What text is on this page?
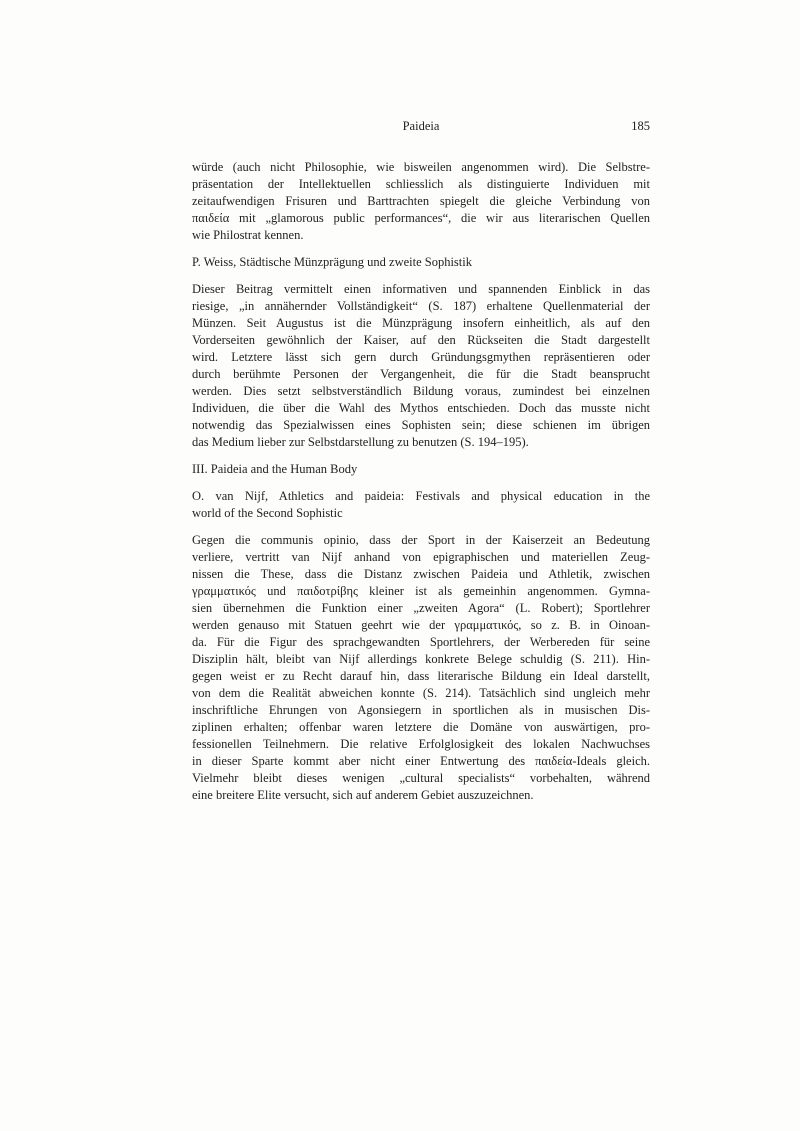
Paideia	185
würde (auch nicht Philosophie, wie bisweilen angenommen wird). Die Selbstre-
präsentation der Intellektuellen schliesslich als distinguierte Individuen mit
zeitaufwendigen Frisuren und Barttrachten spiegelt die gleiche Verbindung von
παιδεία mit „glamorous public performances“, die wir aus literarischen Quellen
wie Philostrat kennen.
P. Weiss, Städtische Münzprägung und zweite Sophistik
Dieser Beitrag vermittelt einen informativen und spannenden Einblick in das
riesige, „in annähernder Vollständigkeit“ (S. 187) erhaltene Quellenmaterial der
Münzen. Seit Augustus ist die Münzprägung insofern einheitlich, als auf den
Vorderseiten gewöhnlich der Kaiser, auf den Rückseiten die Stadt dargestellt
wird. Letztere lässt sich gern durch Gründungsgmythen repräsentieren oder
durch berühmte Personen der Vergangenheit, die für die Stadt beansprucht
werden. Dies setzt selbstverständlich Bildung voraus, zumindest bei einzelnen
Individuen, die über die Wahl des Mythos entschieden. Doch das musste nicht
notwendig das Spezialwissen eines Sophisten sein; diese schienen im übrigen
das Medium lieber zur Selbstdarstellung zu benutzen (S. 194–195).
III. Paideia and the Human Body
O. van Nijf, Athletics and paideia: Festivals and physical education in the
world of the Second Sophistic
Gegen die communis opinio, dass der Sport in der Kaiserzeit an Bedeutung
verliere, vertritt van Nijf anhand von epigraphischen und materiellen Zeug-
nissen die These, dass die Distanz zwischen Paideia und Athletik, zwischen
γραμματικός und παιδοτρίβης kleiner ist als gemeinhin angenommen. Gymna-
sien übernehmen die Funktion einer „zweiten Agora“ (L. Robert); Sportlehrer
werden genauso mit Statuen geehrt wie der γραμματικός, so z. B. in Oinoan-
da. Für die Figur des sprachgewandten Sportlehrers, der Werbereden für seine
Disziplin hält, bleibt van Nijf allerdings konkrete Belege schuldig (S. 211). Hin-
gegen weist er zu Recht darauf hin, dass literarische Bildung ein Ideal darstellt,
von dem die Realität abweichen konnte (S. 214). Tatsächlich sind ungleich mehr
inschriftliche Ehrungen von Agonsiegern in sportlichen als in musischen Dis-
ziplinen erhalten; offenbar waren letztere die Domäne von auswärtigen, pro-
fessionellen Teilnehmern. Die relative Erfolglosigkeit des lokalen Nachwuchses
in dieser Sparte kommt aber nicht einer Entwertung des παιδεία-Ideals gleich.
Vielmehr bleibt dieses wenigen „cultural specialists“ vorbehalten, während
eine breitere Elite versucht, sich auf anderem Gebiet auszuzeichnen.
